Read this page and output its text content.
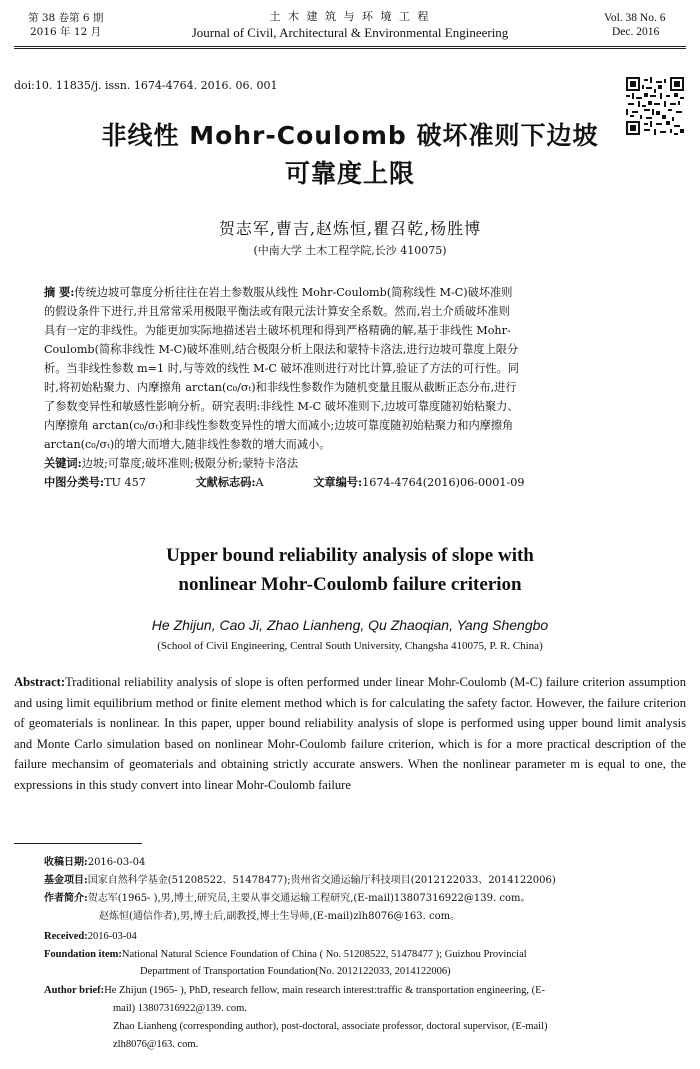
第 38 卷第 6 期
2016 年 12 月
土 木 建 筑 与 环 境 工 程
Journal of Civil, Architectural & Environmental Engineering
Vol. 38 No. 6
Dec. 2016
doi:10. 11835/j. issn. 1674-4764. 2016. 06. 001
非线性 Mohr-Coulomb 破坏准则下边坡
可靠度上限
贺志军,曹吉,赵炼恒,瞿召乾,杨胜博
(中南大学 土木工程学院,长沙 410075)
摘 要:传统边坡可靠度分析往往在岩土参数服从线性 Mohr-Coulomb(简称线性 M-C)破坏准则
的假设条件下进行,并且常常采用极限平衡法或有限元法计算安全系数。然而,岩土介质破坏准则
具有一定的非线性。为能更加实际地描述岩土破坏机理和得到严格精确的解,基于非线性 Mohr-
Coulomb(简称非线性 M-C)破坏准则,结合极限分析上限法和蒙特卡洛法,进行边坡可靠度上限分
析。当非线性参数 m=1 时,与等效的线性 M-C 破坏准则进行对比计算,验证了方法的可行性。同
时,将初始粘聚力、内摩擦角 arctan(c₀/σₜ)和非线性参数作为随机变量且服从截断正态分布,进行
了参数变异性和敏感性影响分析。研究表明:非线性 M-C 破坏准则下,边坡可靠度随初始粘聚力、
内摩擦角 arctan(c₀/σₜ)和非线性参数变异性的增大而减小;边坡可靠度随初始粘聚力和内摩擦角
arctan(c₀/σₜ)的增大而增大,随非线性参数的增大而减小。
关键词:边坡;可靠度;破坏准则;极限分析;蒙特卡洛法
中图分类号:TU 457	文献标志码:A	文章编号:1674-4764(2016)06-0001-09
Upper bound reliability analysis of slope with
nonlinear Mohr-Coulomb failure criterion
He Zhijun, Cao Ji, Zhao Lianheng, Qu Zhaoqian, Yang Shengbo
(School of Civil Engineering, Central South University, Changsha 410075, P. R. China)
Abstract:Traditional reliability analysis of slope is often performed under linear Mohr-Coulomb (M-C) failure criterion assumption and using limit equilibrium method or finite element method which is for calculating the safety factor. However, the failure criterion of geomaterials is nonlinear. In this paper, upper bound reliability analysis of slope is performed using upper bound limit analysis and Monte Carlo simulation based on nonlinear Mohr-Coulomb failure criterion, which is for a more practical description of the failure mechansim of geomaterials and obtaining strictly accurate answers. When the nonlinear parameter m is equal to one, the expressions in this study convert into linear Mohr-Coulomb failure
收稿日期:2016-03-04
基金项目:国家自然科学基金(51208522、51478477);贵州省交通运输厅科技项目(2012122033、2014122006)
作者简介:贺志军(1965- ),男,博士,研究员,主要从事交通运输工程研究,(E-mail)13807316922@139. com。
赵炼恒(通信作者),男,博士后,副教授,博士生导师,(E-mail)zlh8076@163. com。
Received:2016-03-04
Foundation item:National Natural Science Foundation of China ( No. 51208522, 51478477 ); Guizhou Provincial
Department of Transportation Foundation(No. 2012122033, 2014122006)
Author brief:He Zhijun (1965- ), PhD, research fellow, main research interest:traffic & transportation engineering, (E-
mail) 13807316922@139. com.
Zhao Lianheng (corresponding author), post-doctoral, associate professor, doctoral supervisor, (E-mail)
zlh8076@163. com.
